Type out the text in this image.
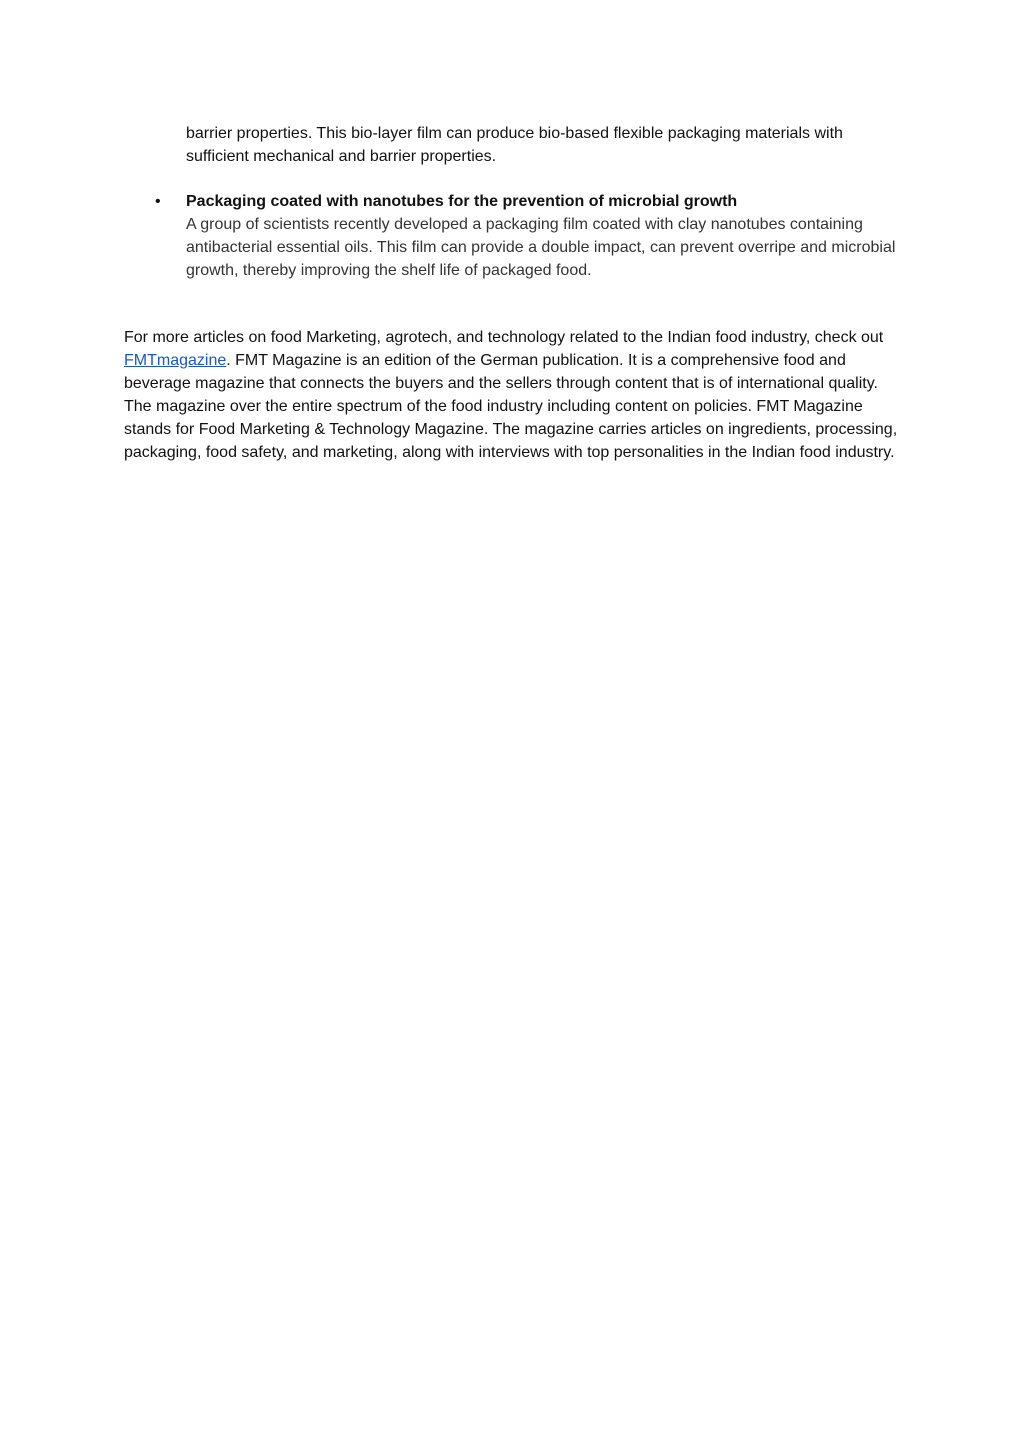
barrier properties. This bio-layer film can produce bio-based flexible packaging materials with sufficient mechanical and barrier properties.

• Packaging coated with nanotubes for the prevention of microbial growth
A group of scientists recently developed a packaging film coated with clay nanotubes containing antibacterial essential oils. This film can provide a double impact, can prevent overripe and microbial growth, thereby improving the shelf life of packaged food.

For more articles on food Marketing, agrotech, and technology related to the Indian food industry, check out FMTmagazine. FMT Magazine is an edition of the German publication. It is a comprehensive food and beverage magazine that connects the buyers and the sellers through content that is of international quality. The magazine over the entire spectrum of the food industry including content on policies. FMT Magazine stands for Food Marketing & Technology Magazine. The magazine carries articles on ingredients, processing, packaging, food safety, and marketing, along with interviews with top personalities in the Indian food industry.
